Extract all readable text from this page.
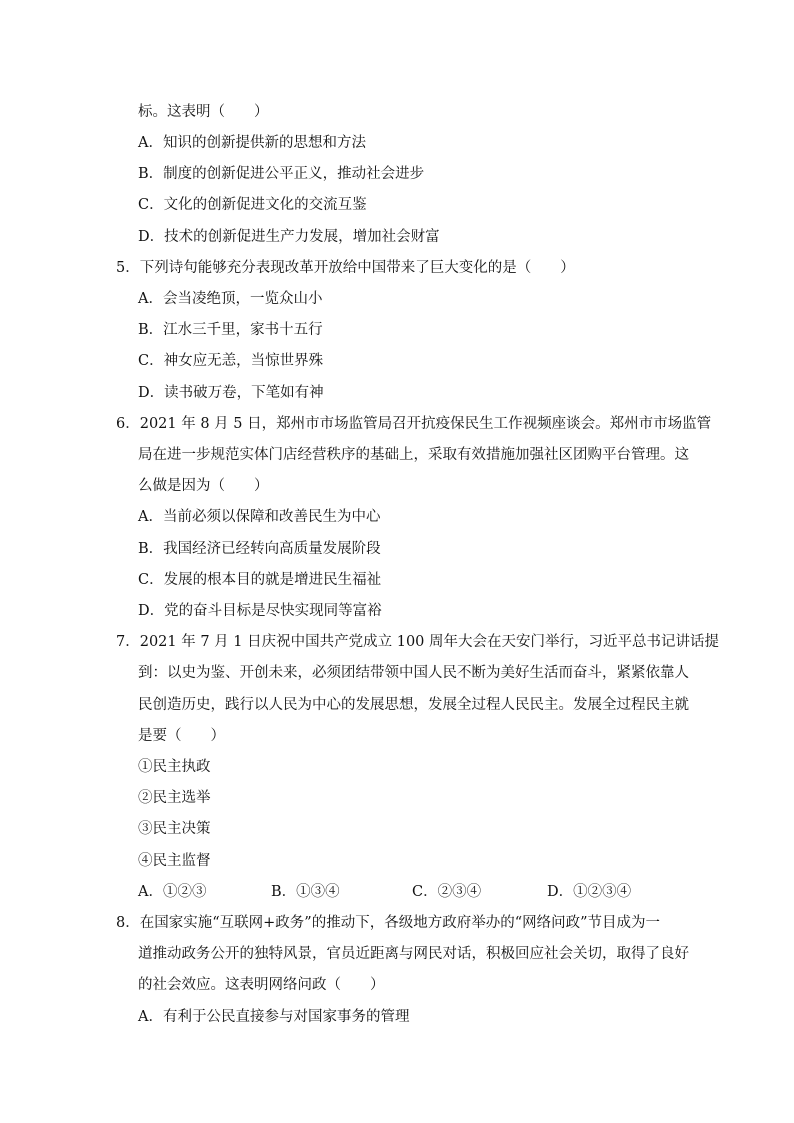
标。这表明（　　）
A．知识的创新提供新的思想和方法
B．制度的创新促进公平正义，推动社会进步
C．文化的创新促进文化的交流互鉴
D．技术的创新促进生产力发展，增加社会财富
5．下列诗句能够充分表现改革开放给中国带来了巨大变化的是（　　）
A．会当凌绝顶，一览众山小
B．江水三千里，家书十五行
C．神女应无恙，当惊世界殊
D．读书破万卷，下笔如有神
6．2021 年 8 月 5 日，郑州市市场监管局召开抗疫保民生工作视频座谈会。郑州市市场监管
局在进一步规范实体门店经营秩序的基础上，采取有效措施加强社区团购平台管理。这
么做是因为（　　）
A．当前必须以保障和改善民生为中心
B．我国经济已经转向高质量发展阶段
C．发展的根本目的就是增进民生福祉
D．党的奋斗目标是尽快实现同等富裕
7．2021 年 7 月 1 日庆祝中国共产党成立 100 周年大会在天安门举行，习近平总书记讲话提
到：以史为鉴、开创未来，必须团结带领中国人民不断为美好生活而奋斗，紧紧依靠人
民创造历史，践行以人民为中心的发展思想，发展全过程人民民主。发展全过程民主就
是要（　　）
①民主执政
②民主选举
③民主决策
④民主监督
A．①②③	B．①③④	C．②③④	D．①②③④
8．在国家实施“互联网+政务”的推动下，各级地方政府举办的“网络问政”节目成为一
道推动政务公开的独特风景，官员近距离与网民对话，积极回应社会关切，取得了良好
的社会效应。这表明网络问政（　　）
A．有利于公民直接参与对国家事务的管理
